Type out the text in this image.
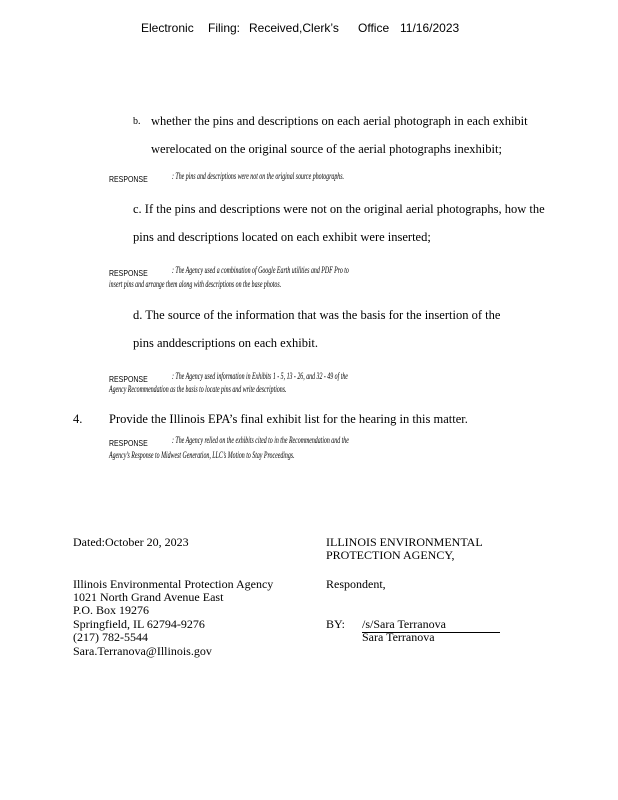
Electronic Filing: Received,Clerk’s Office 11/16/2023
b. whether the pins and descriptions on each aerial photograph in each exhibit
werelocated on the original source of the aerial photographs inexhibit;
RESPONSE	: The pins and descriptions were not on the original source photographs.
c. If the pins and descriptions were not on the original aerial photographs, how the
pins and descriptions located on each exhibit were inserted;
RESPONSE	: The Agency used a combination of Google Earth utilities and PDF Pro to
insert pins and arrange them along with descriptions on the base photos.
d. The source of the information that was the basis for the insertion of the
pins anddescriptions on each exhibit.
RESPONSE	: The Agency used information in Exhibits 1 - 5, 13 - 26, and 32 - 49 of the
Agency Recommendation as the basis to locate pins and write descriptions.
4. Provide the Illinois EPA’s final exhibit list for the hearing in this matter.
RESPONSE	: The Agency relied on the exhibits cited to in the Recommendation and the
Agency’s Response to Midwest Generation, LLC’s Motion to Stay Proceedings.
Dated:October 20, 2023	ILLINOIS ENVIRONMENTAL
PROTECTION AGENCY,
Illinois Environmental Protection Agency
1021 North Grand Avenue East
P.O. Box 19276
Springfield, IL 62794-9276
(217) 782-5544
Sara.Terranova@Illinois.gov
Respondent,
BY: /s/Sara Terranova
Sara Terranova
